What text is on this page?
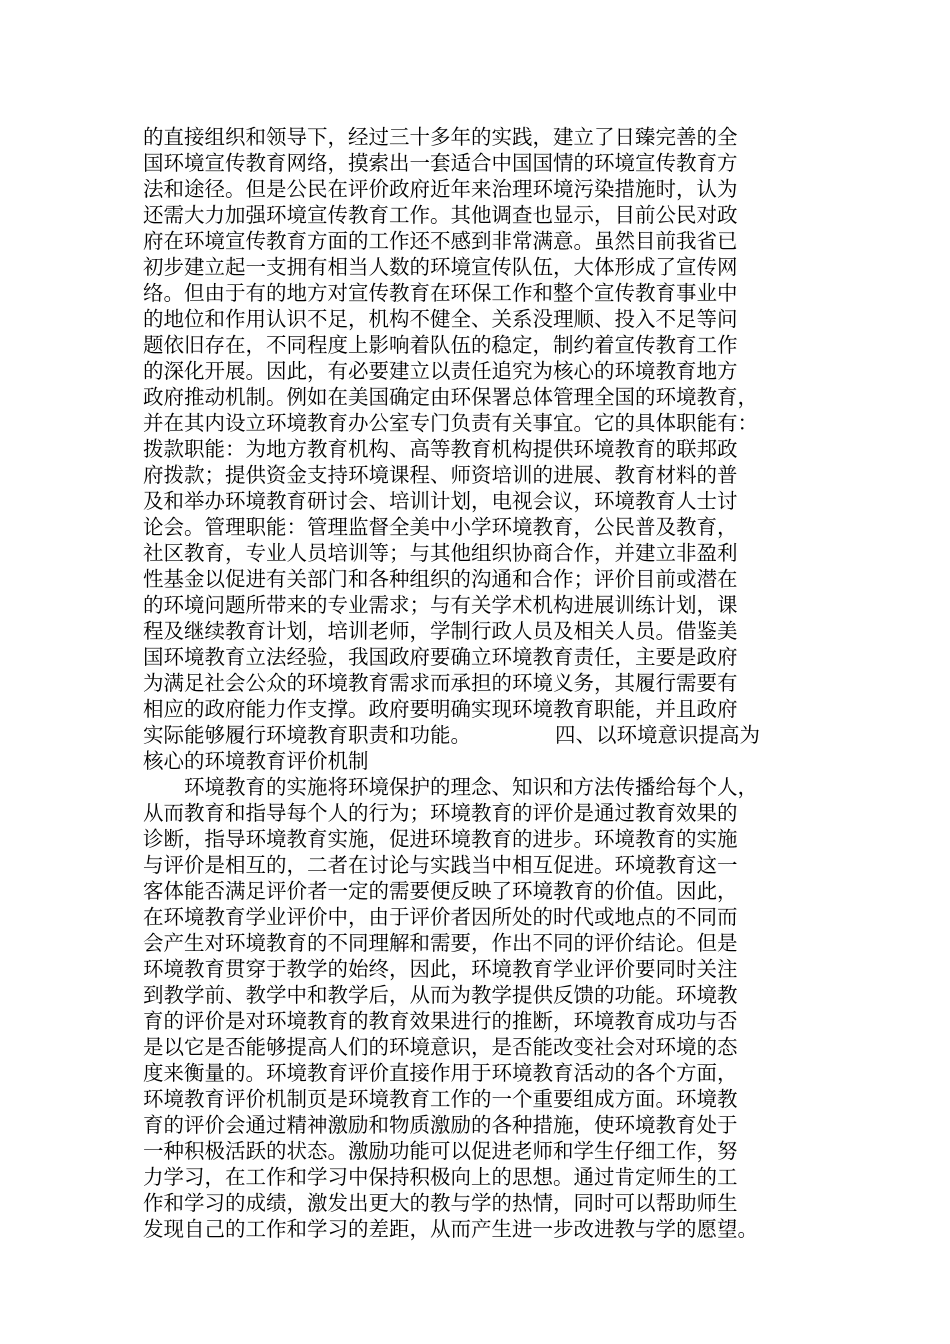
的直接组织和领导下，经过三十多年的实践，建立了日臻完善的全
国环境宣传教育网络，摸索出一套适合中国国情的环境宣传教育方
法和途径。但是公民在评价政府近年来治理环境污染措施时，认为
还需大力加强环境宣传教育工作。其他调查也显示，目前公民对政
府在环境宣传教育方面的工作还不感到非常满意。虽然目前我省已
初步建立起一支拥有相当人数的环境宣传队伍，大体形成了宣传网
络。但由于有的地方对宣传教育在环保工作和整个宣传教育事业中
的地位和作用认识不足，机构不健全、关系没理顺、投入不足等问
题依旧存在，不同程度上影响着队伍的稳定，制约着宣传教育工作
的深化开展。因此，有必要建立以责任追究为核心的环境教育地方
政府推动机制。例如在美国确定由环保署总体管理全国的环境教育，
并在其内设立环境教育办公室专门负责有关事宜。它的具体职能有：
拨款职能：为地方教育机构、高等教育机构提供环境教育的联邦政
府拨款；提供资金支持环境课程、师资培训的进展、教育材料的普
及和举办环境教育研讨会、培训计划，电视会议，环境教育人士讨
论会。管理职能：管理监督全美中小学环境教育，公民普及教育，
社区教育，专业人员培训等；与其他组织协商合作，并建立非盈利
性基金以促进有关部门和各种组织的沟通和合作；评价目前或潜在
的环境问题所带来的专业需求；与有关学术机构进展训练计划，课
程及继续教育计划，培训老师，学制行政人员及相关人员。借鉴美
国环境教育立法经验，我国政府要确立环境教育责任，主要是政府
为满足社会公众的环境教育需求而承担的环境义务，其履行需要有
相应的政府能力作支撑。政府要明确实现环境教育职能，并且政府
实际能够履行环境教育职责和功能。	四、以环境意识提高为
核心的环境教育评价机制
环境教育的实施将环境保护的理念、知识和方法传播给每个人，
从而教育和指导每个人的行为；环境教育的评价是通过教育效果的
诊断，指导环境教育实施，促进环境教育的进步。环境教育的实施
与评价是相互的，二者在讨论与实践当中相互促进。环境教育这一
客体能否满足评价者一定的需要便反映了环境教育的价值。因此，
在环境教育学业评价中，由于评价者因所处的时代或地点的不同而
会产生对环境教育的不同理解和需要，作出不同的评价结论。但是
环境教育贯穿于教学的始终，因此，环境教育学业评价要同时关注
到教学前、教学中和教学后，从而为教学提供反馈的功能。环境教
育的评价是对环境教育的教育效果进行的推断，环境教育成功与否
是以它是否能够提高人们的环境意识，是否能改变社会对环境的态
度来衡量的。环境教育评价直接作用于环境教育活动的各个方面，
环境教育评价机制页是环境教育工作的一个重要组成方面。环境教
育的评价会通过精神激励和物质激励的各种措施，使环境教育处于
一种积极活跃的状态。激励功能可以促进老师和学生仔细工作，努
力学习，在工作和学习中保持积极向上的思想。通过肯定师生的工
作和学习的成绩，激发出更大的教与学的热情，同时可以帮助师生
发现自己的工作和学习的差距，从而产生进一步改进教与学的愿望。
